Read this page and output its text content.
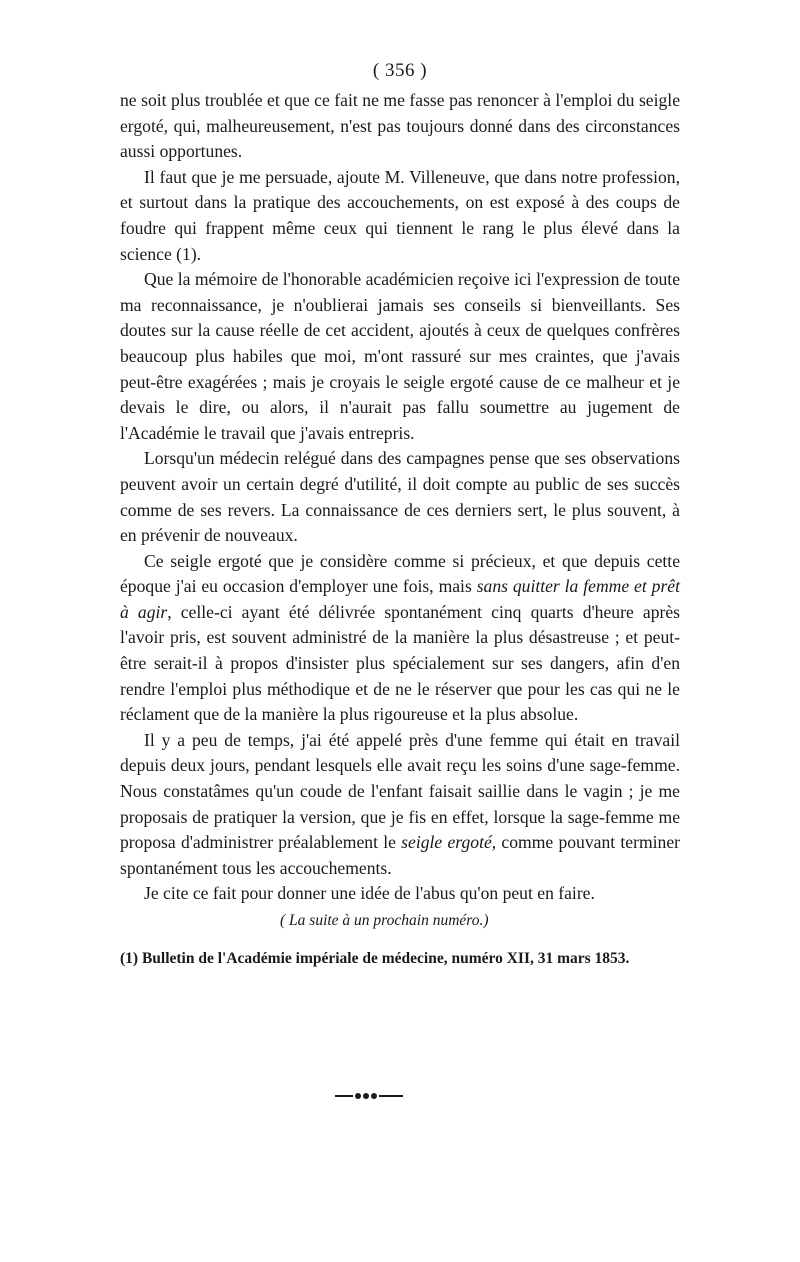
( 356 )

ne soit plus troublée et que ce fait ne me fasse pas renoncer à l'emploi du seigle ergoté, qui, malheureusement, n'est pas toujours donné dans des circonstances aussi opportunes.

Il faut que je me persuade, ajoute M. Villeneuve, que dans notre profession, et surtout dans la pratique des accouchements, on est exposé à des coups de foudre qui frappent même ceux qui tiennent le rang le plus élevé dans la science (1).

Que la mémoire de l'honorable académicien reçoive ici l'expression de toute ma reconnaissance, je n'oublierai jamais ses conseils si bienveillants. Ses doutes sur la cause réelle de cet accident, ajoutés à ceux de quelques confrères beaucoup plus habiles que moi, m'ont rassuré sur mes craintes, que j'avais peut-être exagérées ; mais je croyais le seigle ergoté cause de ce malheur et je devais le dire, ou alors, il n'aurait pas fallu soumettre au jugement de l'Académie le travail que j'avais entrepris.

Lorsqu'un médecin relégué dans des campagnes pense que ses observations peuvent avoir un certain degré d'utilité, il doit compte au public de ses succès comme de ses revers. La connaissance de ces derniers sert, le plus souvent, à en prévenir de nouveaux.

Ce seigle ergoté que je considère comme si précieux, et que depuis cette époque j'ai eu occasion d'employer une fois, mais sans quitter la femme et prêt à agir, celle-ci ayant été délivrée spontanément cinq quarts d'heure après l'avoir pris, est souvent administré de la manière la plus désastreuse ; et peut-être serait-il à propos d'insister plus spécialement sur ses dangers, afin d'en rendre l'emploi plus méthodique et de ne le réserver que pour les cas qui ne le réclament que de la manière la plus rigoureuse et la plus absolue.

Il y a peu de temps, j'ai été appelé près d'une femme qui était en travail depuis deux jours, pendant lesquels elle avait reçu les soins d'une sage-femme. Nous constatâmes qu'un coude de l'enfant faisait saillie dans le vagin ; je me proposais de pratiquer la version, que je fis en effet, lorsque la sage-femme me proposa d'administrer préalablement le seigle ergoté, comme pouvant terminer spontanément tous les accouchements.

Je cite ce fait pour donner une idée de l'abus qu'on peut en faire.

( La suite à un prochain numéro.)
(1) Bulletin de l'Académie impériale de médecine, numéro XII, 31 mars 1853.
